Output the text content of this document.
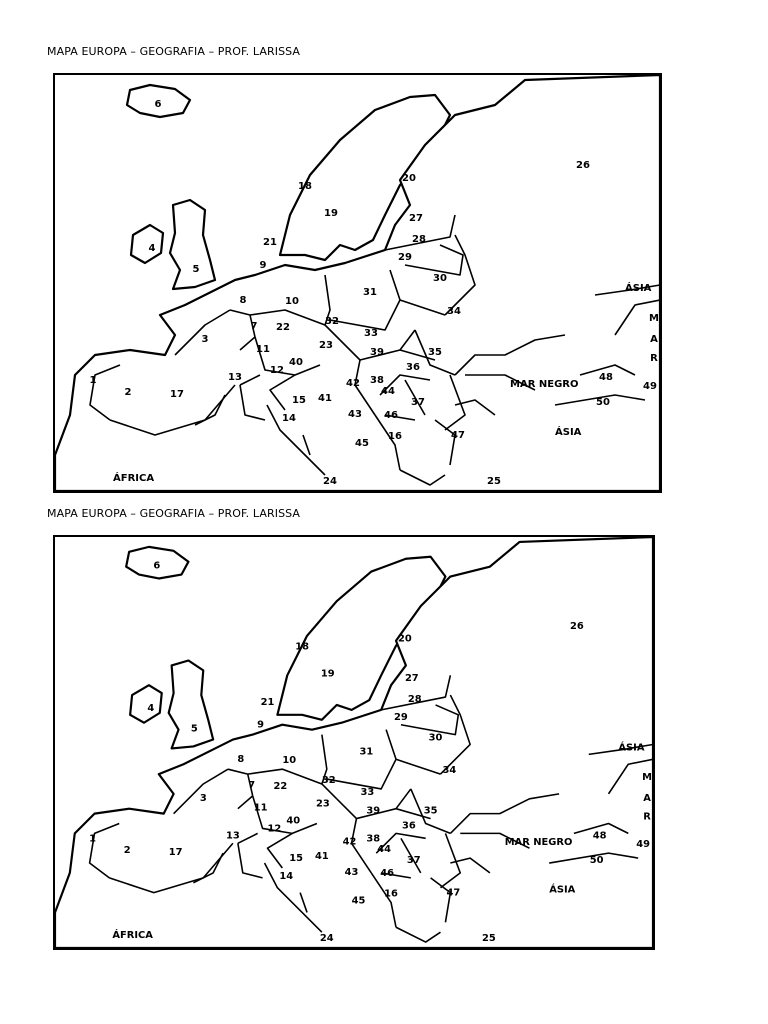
MAPA EUROPA – GEOGRAFIA – PROF. LARISSA
1
2
3
4
5
6
7
8
9
10
11
12
13
14
15
16
17
18
19
20
21
22
23
24	25
26
27
28
29
30
31
32
33
34
35
36
37
38
39
40
41
42
43
44
45
46
47
48
49
50
ÁFRICA
ÁSIA
ÁSIA
MAR NEGRO
M
A
R
MAPA EUROPA – GEOGRAFIA – PROF. LARISSA
1
2
3
4
5
6
7
8
9
10
11
12
13
14
15
16
17
18
19
20
21
22
23
24	25
26
27
28
29
30
31
32
33
34
35
36
37
38
39
40
41
42
43
44
45
46
47
48
49
50
ÁFRICA
ÁSIA
ÁSIA
MAR NEGRO
M
A
R
